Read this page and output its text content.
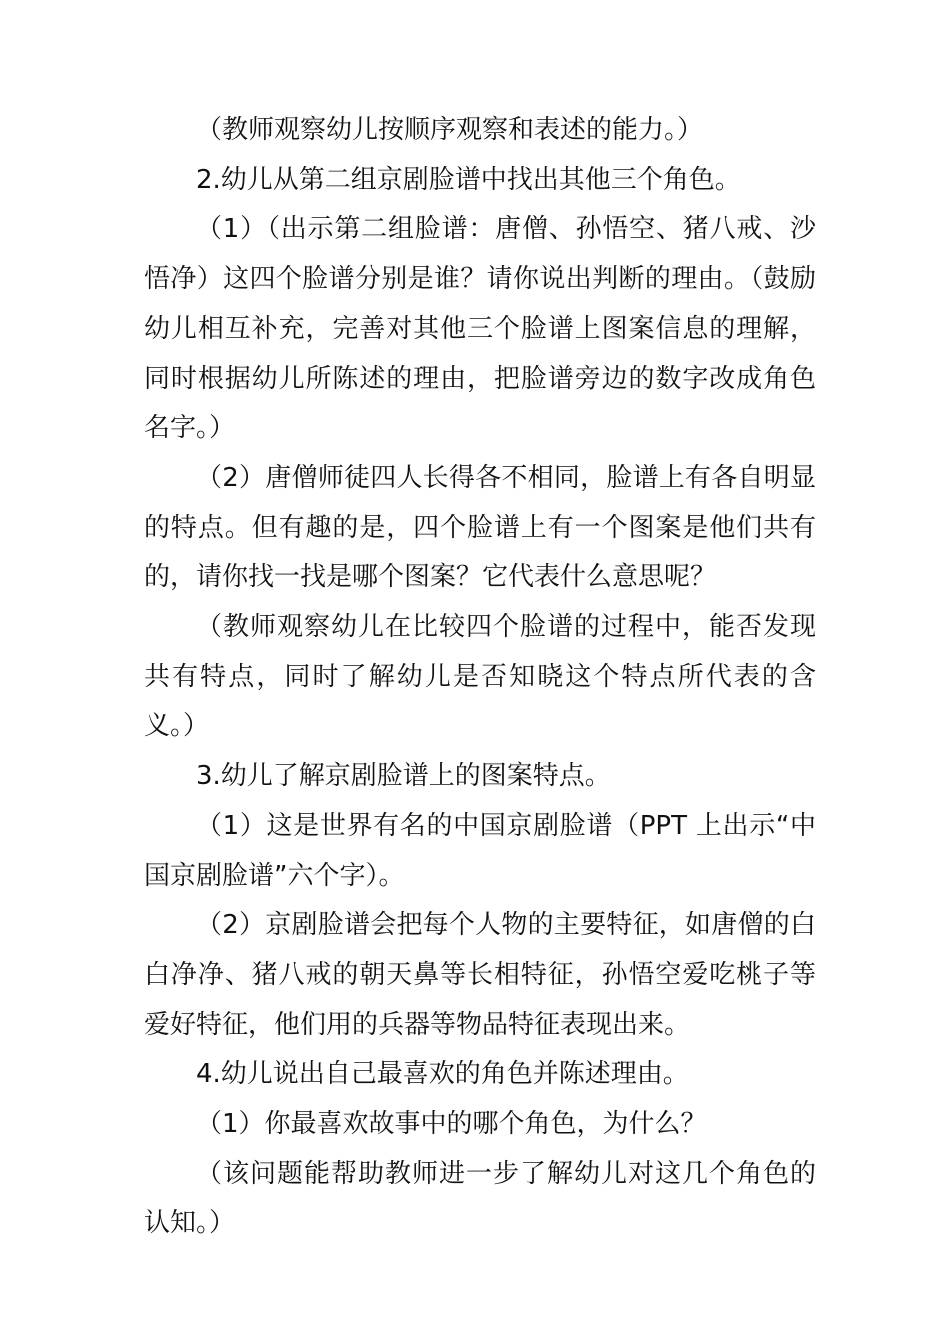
（教师观察幼儿按顺序观察和表述的能力。）

2.幼儿从第二组京剧脸谱中找出其他三个角色。

（1）（出示第二组脸谱：唐僧、孙悟空、猪八戒、沙悟净）这四个脸谱分别是谁？请你说出判断的理由。（鼓励幼儿相互补充，完善对其他三个脸谱上图案信息的理解，同时根据幼儿所陈述的理由，把脸谱旁边的数字改成角色名字。）

（2）唐僧师徒四人长得各不相同，脸谱上有各自明显的特点。但有趣的是，四个脸谱上有一个图案是他们共有的，请你找一找是哪个图案？它代表什么意思呢？

（教师观察幼儿在比较四个脸谱的过程中，能否发现共有特点，同时了解幼儿是否知晓这个特点所代表的含义。）

3.幼儿了解京剧脸谱上的图案特点。

（1）这是世界有名的中国京剧脸谱（PPT 上出示“中国京剧脸谱”六个字）。

（2）京剧脸谱会把每个人物的主要特征，如唐僧的白白净净、猪八戒的朝天鼻等长相特征，孙悟空爱吃桃子等爱好特征，他们用的兵器等物品特征表现出来。

4.幼儿说出自己最喜欢的角色并陈述理由。

（1）你最喜欢故事中的哪个角色，为什么？

（该问题能帮助教师进一步了解幼儿对这几个角色的认知。）
